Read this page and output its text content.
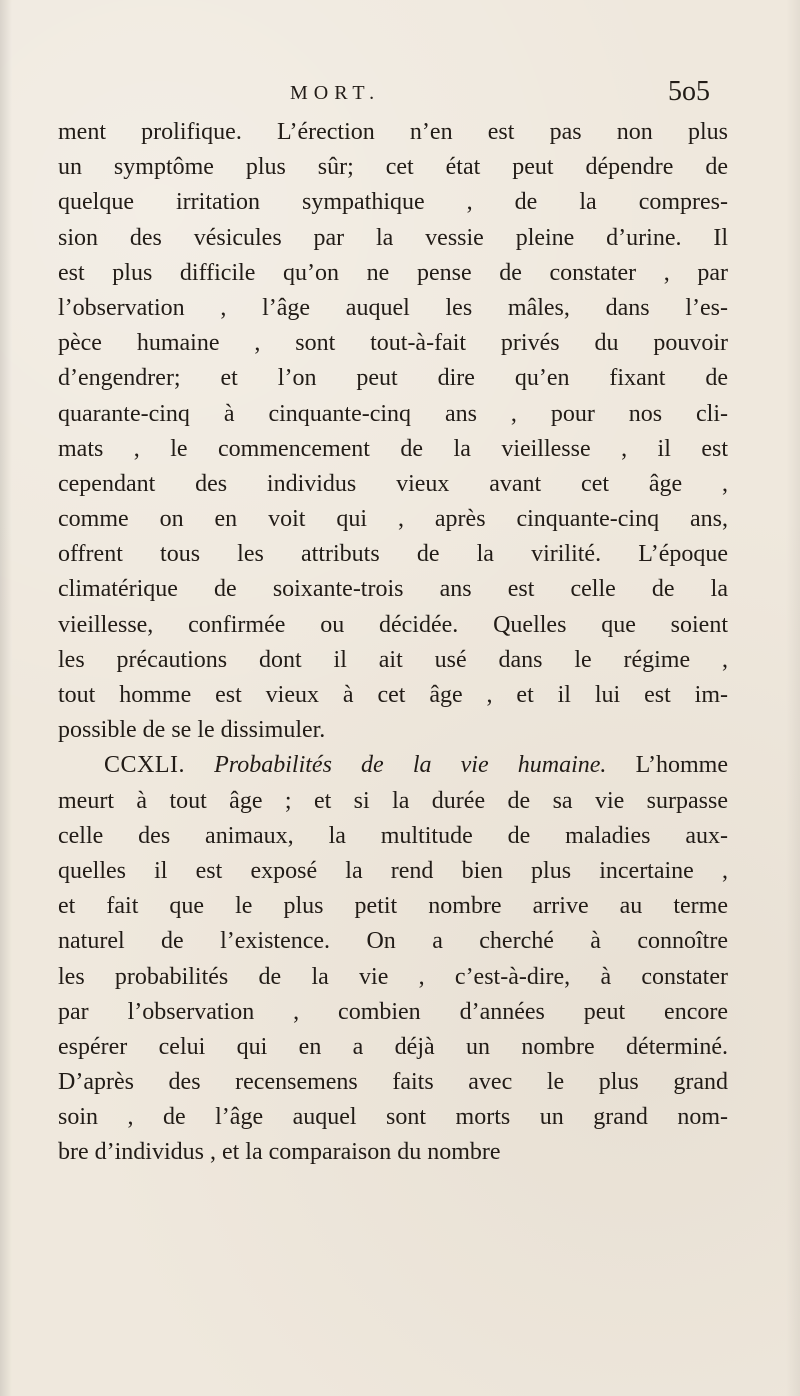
MORT.	5o5
ment prolifique. L’érection n’en est pas non plus
un symptôme plus sûr; cet état peut dépendre de
quelque irritation sympathique , de la compres-
sion des vésicules par la vessie pleine d’urine. Il
est plus difficile qu’on ne pense de constater , par
l’observation , l’âge auquel les mâles, dans l’es-
pèce humaine , sont tout-à-fait privés du pouvoir
d’engendrer; et l’on peut dire qu’en fixant de
quarante-cinq à cinquante-cinq ans , pour nos cli-
mats , le commencement de la vieillesse , il est
cependant des individus vieux avant cet âge ,
comme on en voit qui , après cinquante-cinq ans,
offrent tous les attributs de la virilité. L’époque
climatérique de soixante-trois ans est celle de la
vieillesse, confirmée ou décidée. Quelles que soient
les précautions dont il ait usé dans le régime ,
tout homme est vieux à cet âge , et il lui est im-
possible de se le dissimuler.
CCXLI. Probabilités de la vie humaine. L’homme
meurt à tout âge ; et si la durée de sa vie surpasse
celle des animaux, la multitude de maladies aux-
quelles il est exposé la rend bien plus incertaine ,
et fait que le plus petit nombre arrive au terme
naturel de l’existence. On a cherché à connoître
les probabilités de la vie , c’est-à-dire, à constater
par l’observation , combien d’années peut encore
espérer celui qui en a déjà un nombre déterminé.
D’après des recensemens faits avec le plus grand
soin , de l’âge auquel sont morts un grand nom-
bre d’individus , et la comparaison du nombre
